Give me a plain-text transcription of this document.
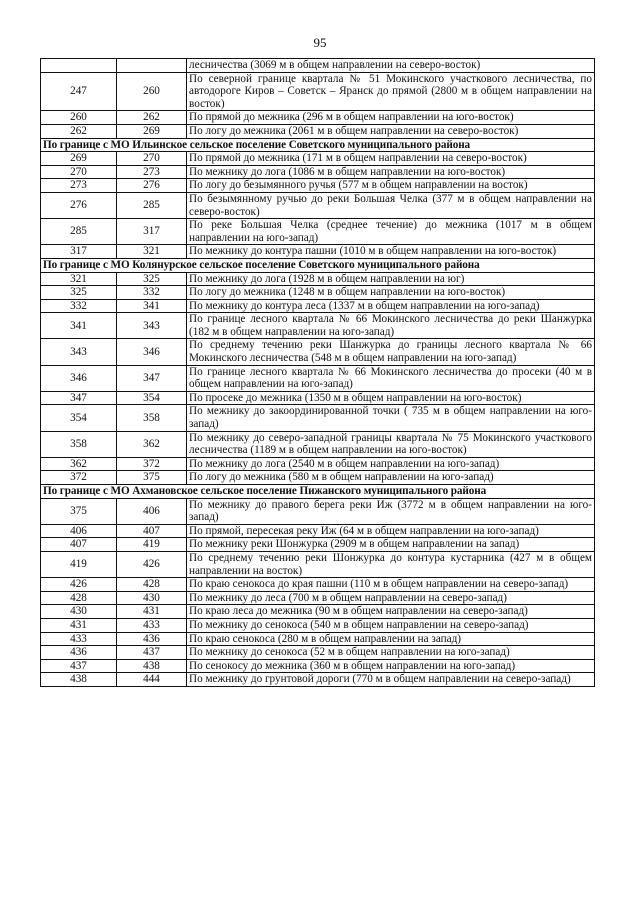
95
		лесничества (3069 м в общем направлении на северо-восток)
247	260	По северной границе квартала № 51 Мокинского участкового лесничества, по автодороге Киров – Советск – Яранск до прямой (2800 м в общем направлении на восток)
260	262	По прямой до межника (296 м в общем направлении на юго-восток)
262	269	По логу до межника (2061 м в общем направлении на северо-восток)
По границе с МО Ильинское сельское поселение Советского муниципального района		
269	270	По прямой до межника (171 м в общем направлении на северо-восток)
270	273	По межнику до лога (1086 м в общем направлении на юго-восток)
273	276	По логу до безымянного ручья (577 м в общем направлении на восток)
276	285	По безымянному ручью до реки Большая Челка (377 м в общем направлении на северо-восток)
285	317	По реке Большая Челка (среднее течение) до межника (1017 м в общем направлении на юго-запад)
317	321	По межнику до контура пашни (1010 м в общем направлении на юго-восток)
По границе с МО Колянурское сельское поселение Советского муниципального района		
321	325	По межнику до лога (1928 м в общем направлении на юг)
325	332	По логу до межника (1248 м в общем направлении на юго-восток)
332	341	По межнику до контура леса (1337 м в общем направлении на юго-запад)
341	343	По границе лесного квартала № 66 Мокинского лесничества до реки Шанжурка (182 м в общем направлении на юго-запад)
343	346	По среднему течению реки Шанжурка до границы лесного квартала № 66 Мокинского лесничества (548 м в общем направлении на юго-запад)
346	347	По границе лесного квартала № 66 Мокинского лесничества до просеки (40 м в общем направлении на юго-запад)
347	354	По просеке до межника (1350 м в общем направлении на юго-восток)
354	358	По межнику до закоординированной точки ( 735 м в общем направлении на юго-запад)
358	362	По межнику до северо-западной границы квартала № 75 Мокинского участкового лесничества (1189 м в общем направлении на юго-восток)
362	372	По межнику до лога (2540 м в общем направлении на юго-запад)
372	375	По логу до межника (580 м в общем направлении на юго-запад)
По границе с МО Ахмановское сельское поселение Пижанского муниципального района		
375	406	По межнику до правого берега реки Иж (3772 м в общем направлении на юго-запад)
406	407	По прямой, пересекая реку Иж (64 м в общем направлении на юго-запад)
407	419	По межнику реки Шонжурка (2909 м в общем направлении на запад)
419	426	По среднему течению реки Шонжурка до контура кустарника (427 м в общем направлении на восток)
426	428	По краю сенокоса до края пашни (110 м в общем направлении на северо-запад)
428	430	По межнику до леса (700 м в общем направлении на северо-запад)
430	431	По краю леса до межника (90 м в общем направлении на северо-запад)
431	433	По межнику до сенокоса (540 м в общем направлении на северо-запад)
433	436	По краю сенокоса (280 м в общем направлении на запад)
436	437	По межнику до сенокоса (52 м в общем направлении на юго-запад)
437	438	По сенокосу до межника (360 м в общем направлении на юго-запад)
438	444	По межнику до грунтовой дороги (770 м в общем направлении на северо-запад)
